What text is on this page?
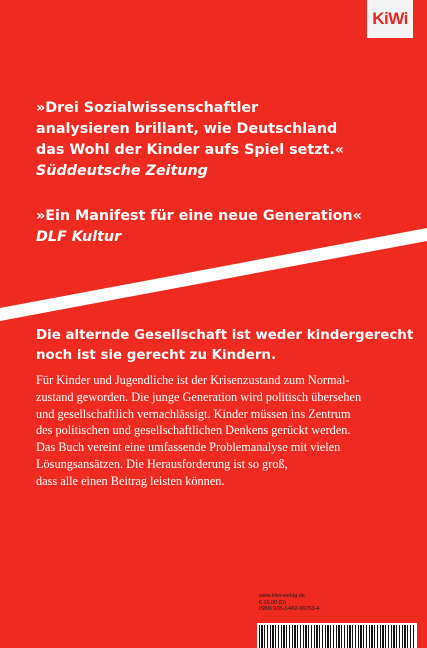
KiWi
»Drei Sozialwissenschaftler
analysieren brillant, wie Deutschland
das Wohl der Kinder aufs Spiel setzt.«
Süddeutsche Zeitung
»Ein Manifest für eine neue Generation«
DLF Kultur
Die alternde Gesellschaft ist weder kindergerecht
noch ist sie gerecht zu Kindern.
Für Kinder und Jugendliche ist der Krisenzustand zum Normal-
zustand geworden. Die junge Generation wird politisch übersehen
und gesellschaftlich vernachlässigt. Kinder müssen ins Zentrum
des politischen und gesellschaftlichen Denkens gerückt werden.
Das Buch vereint eine umfassende Problemanalyse mit vielen
Lösungsansätzen. Die Herausforderung ist so groß,
dass alle einen Beitrag leisten können.
www.kiwi-verlag.de
€ 16,00 (D)
ISBN 978-3-462-00753-4
